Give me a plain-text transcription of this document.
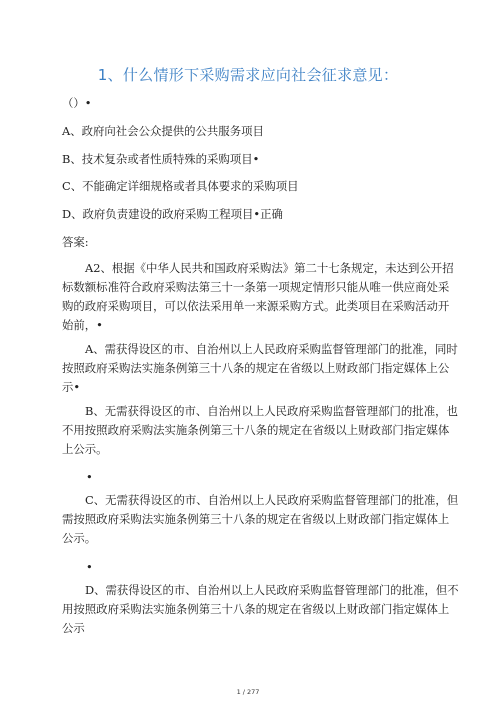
1、什么情形下采购需求应向社会征求意见：
（）•
A、政府向社会公众提供的公共服务项目
B、技术复杂或者性质特殊的采购项目•
C、不能确定详细规格或者具体要求的采购项目
D、政府负责建设的政府采购工程项目•正确
答案:
A2、根据《中华人民共和国政府采购法》第二十七条规定，未达到公开招
标数额标准符合政府采购法第三十一条第一项规定情形只能从唯一供应商处采
购的政府采购项目，可以依法采用单一来源采购方式。此类项目在采购活动开
始前，•
A、需获得设区的市、自治州以上人民政府采购监督管理部门的批准，同时
按照政府采购法实施条例第三十八条的规定在省级以上财政部门指定媒体上公
示•
B、无需获得设区的市、自治州以上人民政府采购监督管理部门的批准，也
不用按照政府采购法实施条例第三十八条的规定在省级以上财政部门指定媒体
上公示。
•
C、无需获得设区的市、自治州以上人民政府采购监督管理部门的批准，但
需按照政府采购法实施条例第三十八条的规定在省级以上财政部门指定媒体上
公示。
•
D、需获得设区的市、自治州以上人民政府采购监督管理部门的批准，但不
用按照政府采购法实施条例第三十八条的规定在省级以上财政部门指定媒体上
公示
1 / 277
